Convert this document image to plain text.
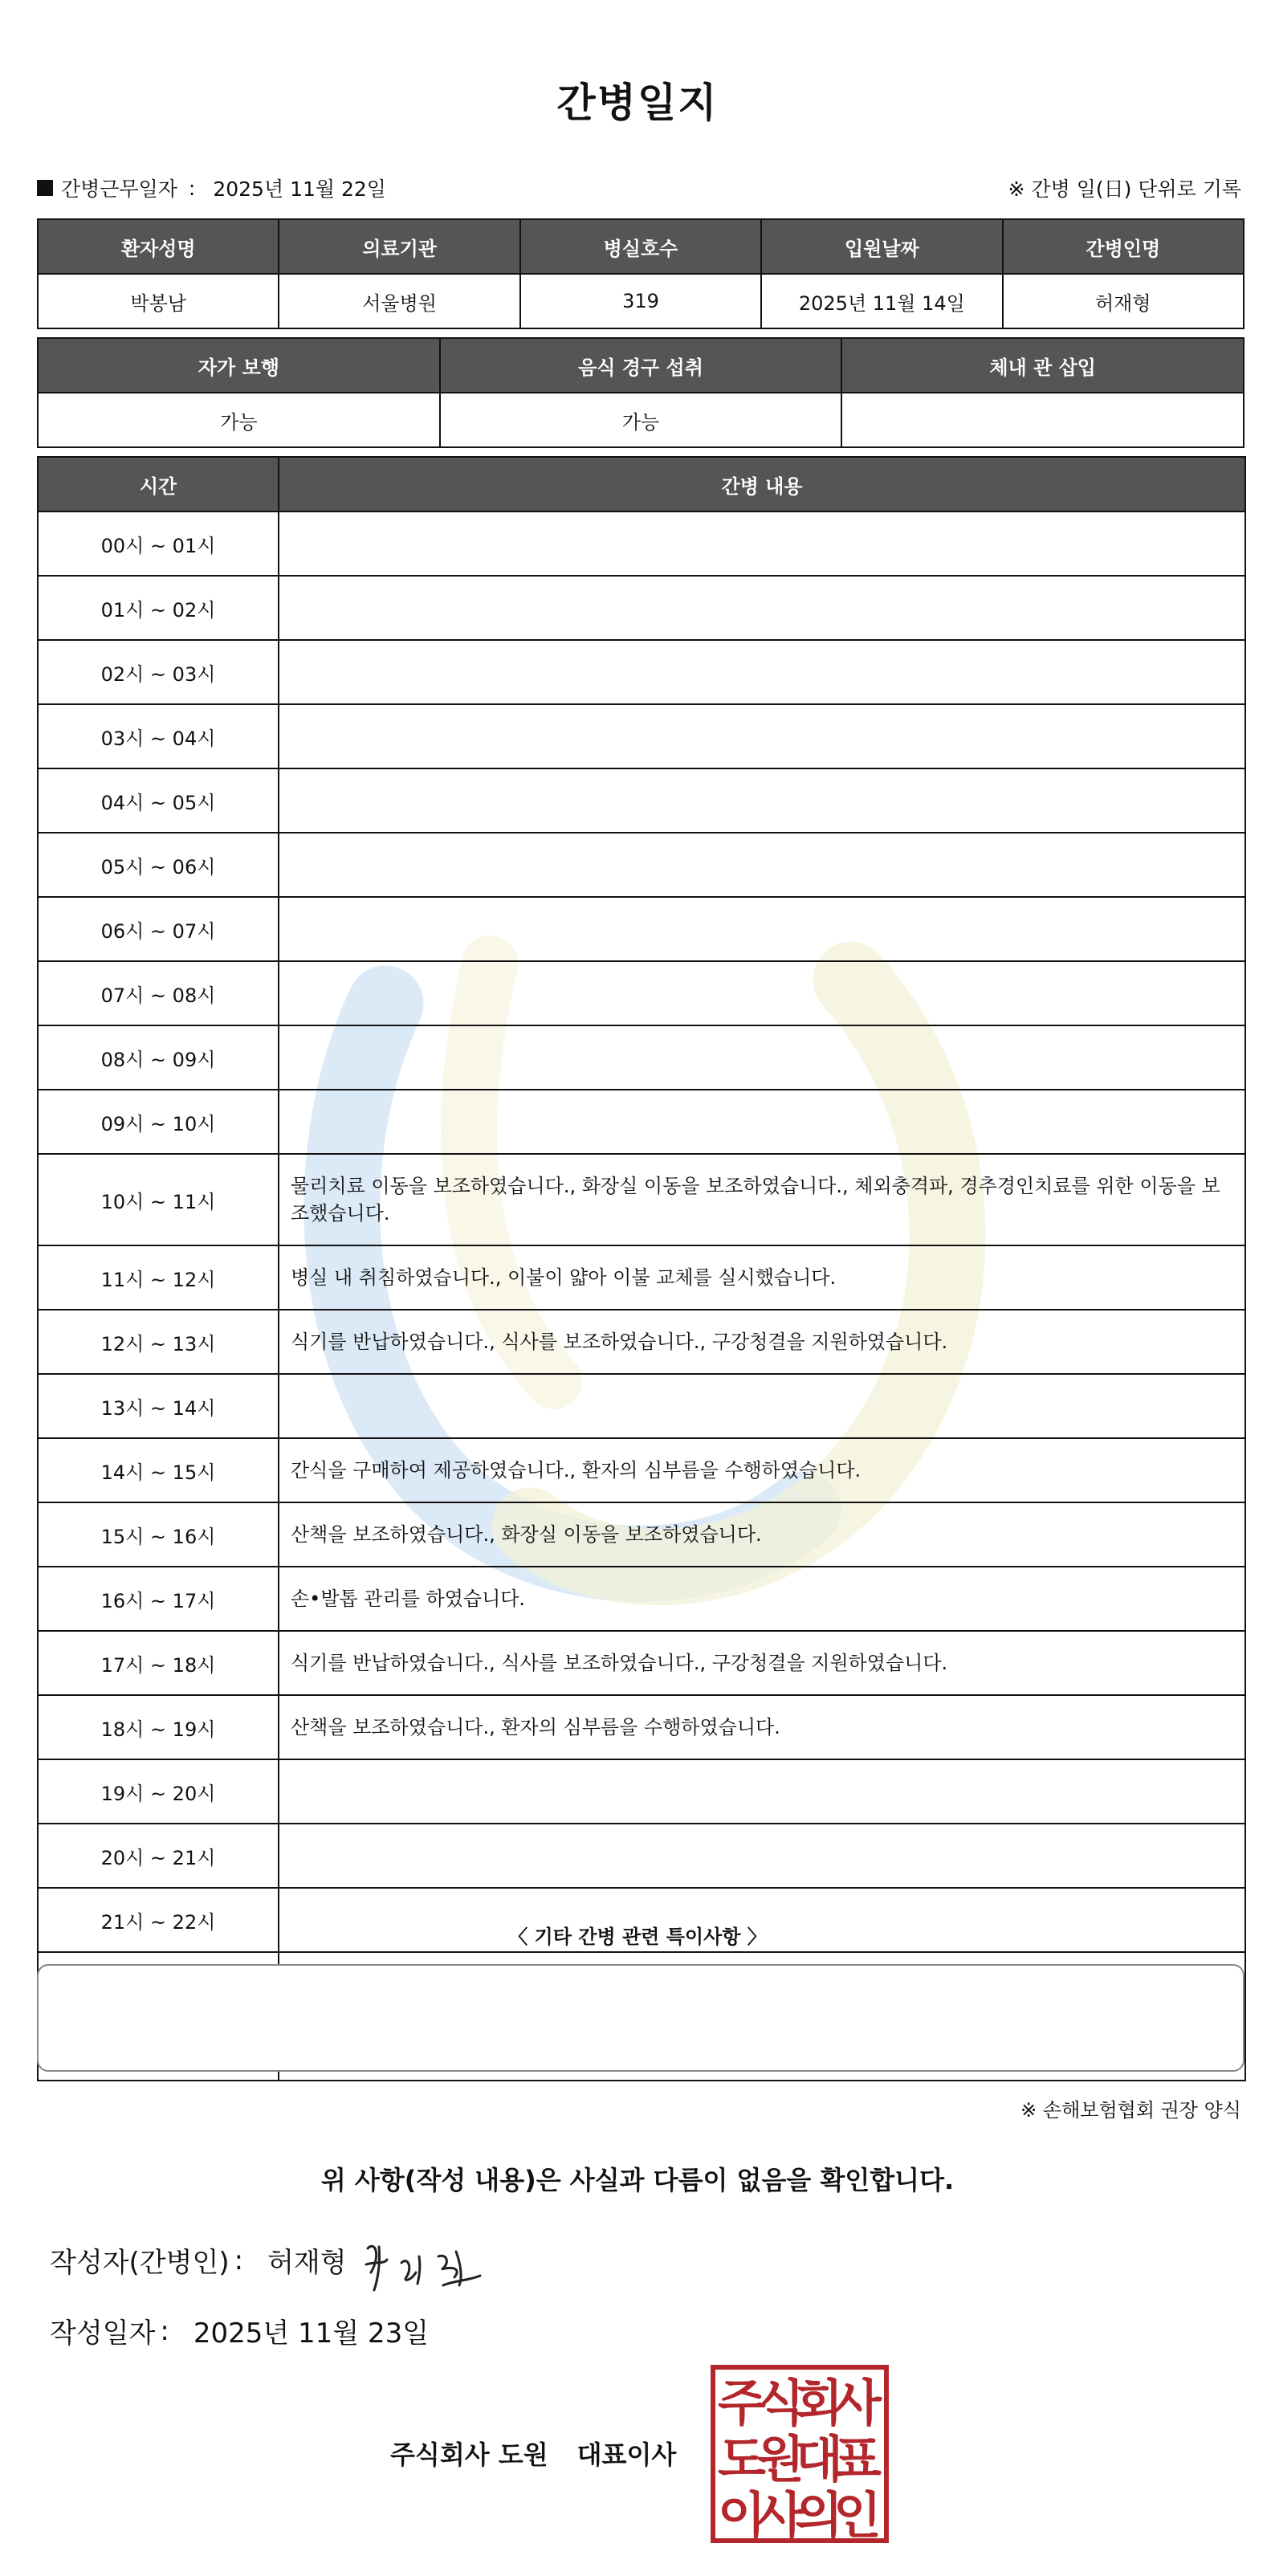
간병일지
간병근무일자 : 2025년 11월 22일	※ 간병 일(日) 단위로 기록
환자성명	의료기관	병실호수	입원날짜	간병인명
박봉남	서울병원	319	2025년 11월 14일	허재형
자가 보행	음식 경구 섭취	체내 관 삽입
가능	가능	
시간	간병 내용
00시 ~ 01시	
01시 ~ 02시	
02시 ~ 03시	
03시 ~ 04시	
04시 ~ 05시	
05시 ~ 06시	
06시 ~ 07시	
07시 ~ 08시	
08시 ~ 09시	
09시 ~ 10시	
10시 ~ 11시	물리치료 이동을 보조하였습니다., 화장실 이동을 보조하였습니다., 체외충격파, 경추경인치료를 위한 이동을 보조했습니다.
11시 ~ 12시	병실 내 취침하였습니다., 이불이 얇아 이불 교체를 실시했습니다.
12시 ~ 13시	식기를 반납하였습니다., 식사를 보조하였습니다., 구강청결을 지원하였습니다.
13시 ~ 14시	
14시 ~ 15시	간식을 구매하여 제공하였습니다., 환자의 심부름을 수행하였습니다.
15시 ~ 16시	산책을 보조하였습니다., 화장실 이동을 보조하였습니다.
16시 ~ 17시	손•발톱 관리를 하였습니다.
17시 ~ 18시	식기를 반납하였습니다., 식사를 보조하였습니다., 구강청결을 지원하였습니다.
18시 ~ 19시	산책을 보조하였습니다., 환자의 심부름을 수행하였습니다.
19시 ~ 20시	
20시 ~ 21시	
21시 ~ 22시	

〈 기타 간병 관련 특이사항 〉
※ 손해보험협회 권장 양식
위 사항(작성 내용)은 사실과 다름이 없음을 확인합니다.
작성자(간병인) : 허재형
작성일자 : 2025년 11월 23일
주식회사 도원 대표이사
주
식
회
사
도
원
대
표
이
사
의
인
